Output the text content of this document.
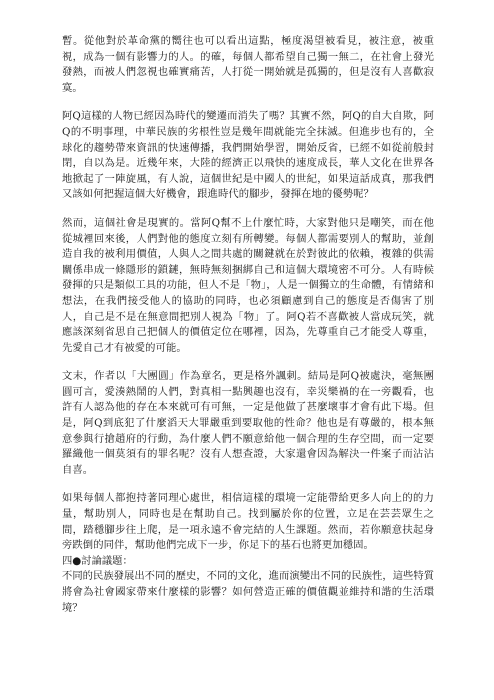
暫。從他對於革命黨的嚮往也可以看出這點，極度渴望被看見，被注意，被重視，成為一個有影響力的人。的確，每個人都希望自己獨一無二，在社會上發光發熱，而被人們忽視也確實痛苦，人打從一開始就是孤獨的，但是沒有人喜歡寂寞。

阿Q這樣的人物已經因為時代的變遷而消失了嗎？其實不然，阿Q的自大自欺，阿Q的不明事理，中華民族的劣根性豈是幾年間就能完全抹滅。但進步也有的，全球化的趨勢帶來資訊的快速傳播，我們開始學習，開始反省，已經不如從前般封閉，自以為是。近幾年來，大陸的經濟正以飛快的速度成長，華人文化在世界各地掀起了一陣旋風，有人說，這個世紀是中國人的世紀，如果這話成真，那我們又該如何把握這個大好機會，跟進時代的腳步，發揮在地的優勢呢？

然而，這個社會是現實的。當阿Q幫不上什麼忙時，大家對他只是嘲笑，而在他從城裡回來後，人們對他的態度立刻有所轉變。每個人都需要別人的幫助，並創造自我的被利用價值，人與人之間共處的關鍵就在於對彼此的依賴，複雜的供需關係串成一條隱形的鎖鏈，無時無刻捆綁自己和這個大環境密不可分。人有時候發揮的只是類似工具的功能，但人不是「物」，人是一個獨立的生命體，有情緒和想法，在我們接受他人的協助的同時，也必須顧慮到自己的態度是否傷害了別人，自己是不是在無意間把別人視為「物」了。阿Q若不喜歡被人當成玩笑，就應該深刻省思自己把個人的價值定位在哪裡，因為，先尊重自己才能受人尊重，先愛自己才有被愛的可能。

文末，作者以「大團圓」作為章名，更是格外諷刺。結局是阿Q被處決，毫無團圓可言，愛湊熱鬧的人們，對真相一點興趣也沒有，幸災樂禍的在一旁觀看，也許有人認為他的存在本來就可有可無，一定是他做了甚麼壞事才會有此下場。但是，阿Q到底犯了什麼滔天大罪嚴重到要取他的性命？他也是有尊嚴的，根本無意參與行搶趙府的行動，為什麼人們不願意給他一個合理的生存空間，而一定要羅織他一個莫須有的罪名呢？沒有人想查證，大家還會因為解決一件案子而沾沾自喜。

如果每個人都抱持著同理心處世，相信這樣的環境一定能帶給更多人向上的的力量，幫助別人，同時也是在幫助自己。找到屬於你的位置，立足在芸芸眾生之間，踏穩腳步往上爬，是一項永遠不會完結的人生課題。然而，若你願意扶起身旁跌倒的同伴，幫助他們完成下一步，你足下的基石也將更加穩固。

四●討論議題：
不同的民族發展出不同的歷史，不同的文化，進而演變出不同的民族性，這些特質將會為社會國家帶來什麼樣的影響？如何營造正確的價值觀並維持和諧的生活環境？
